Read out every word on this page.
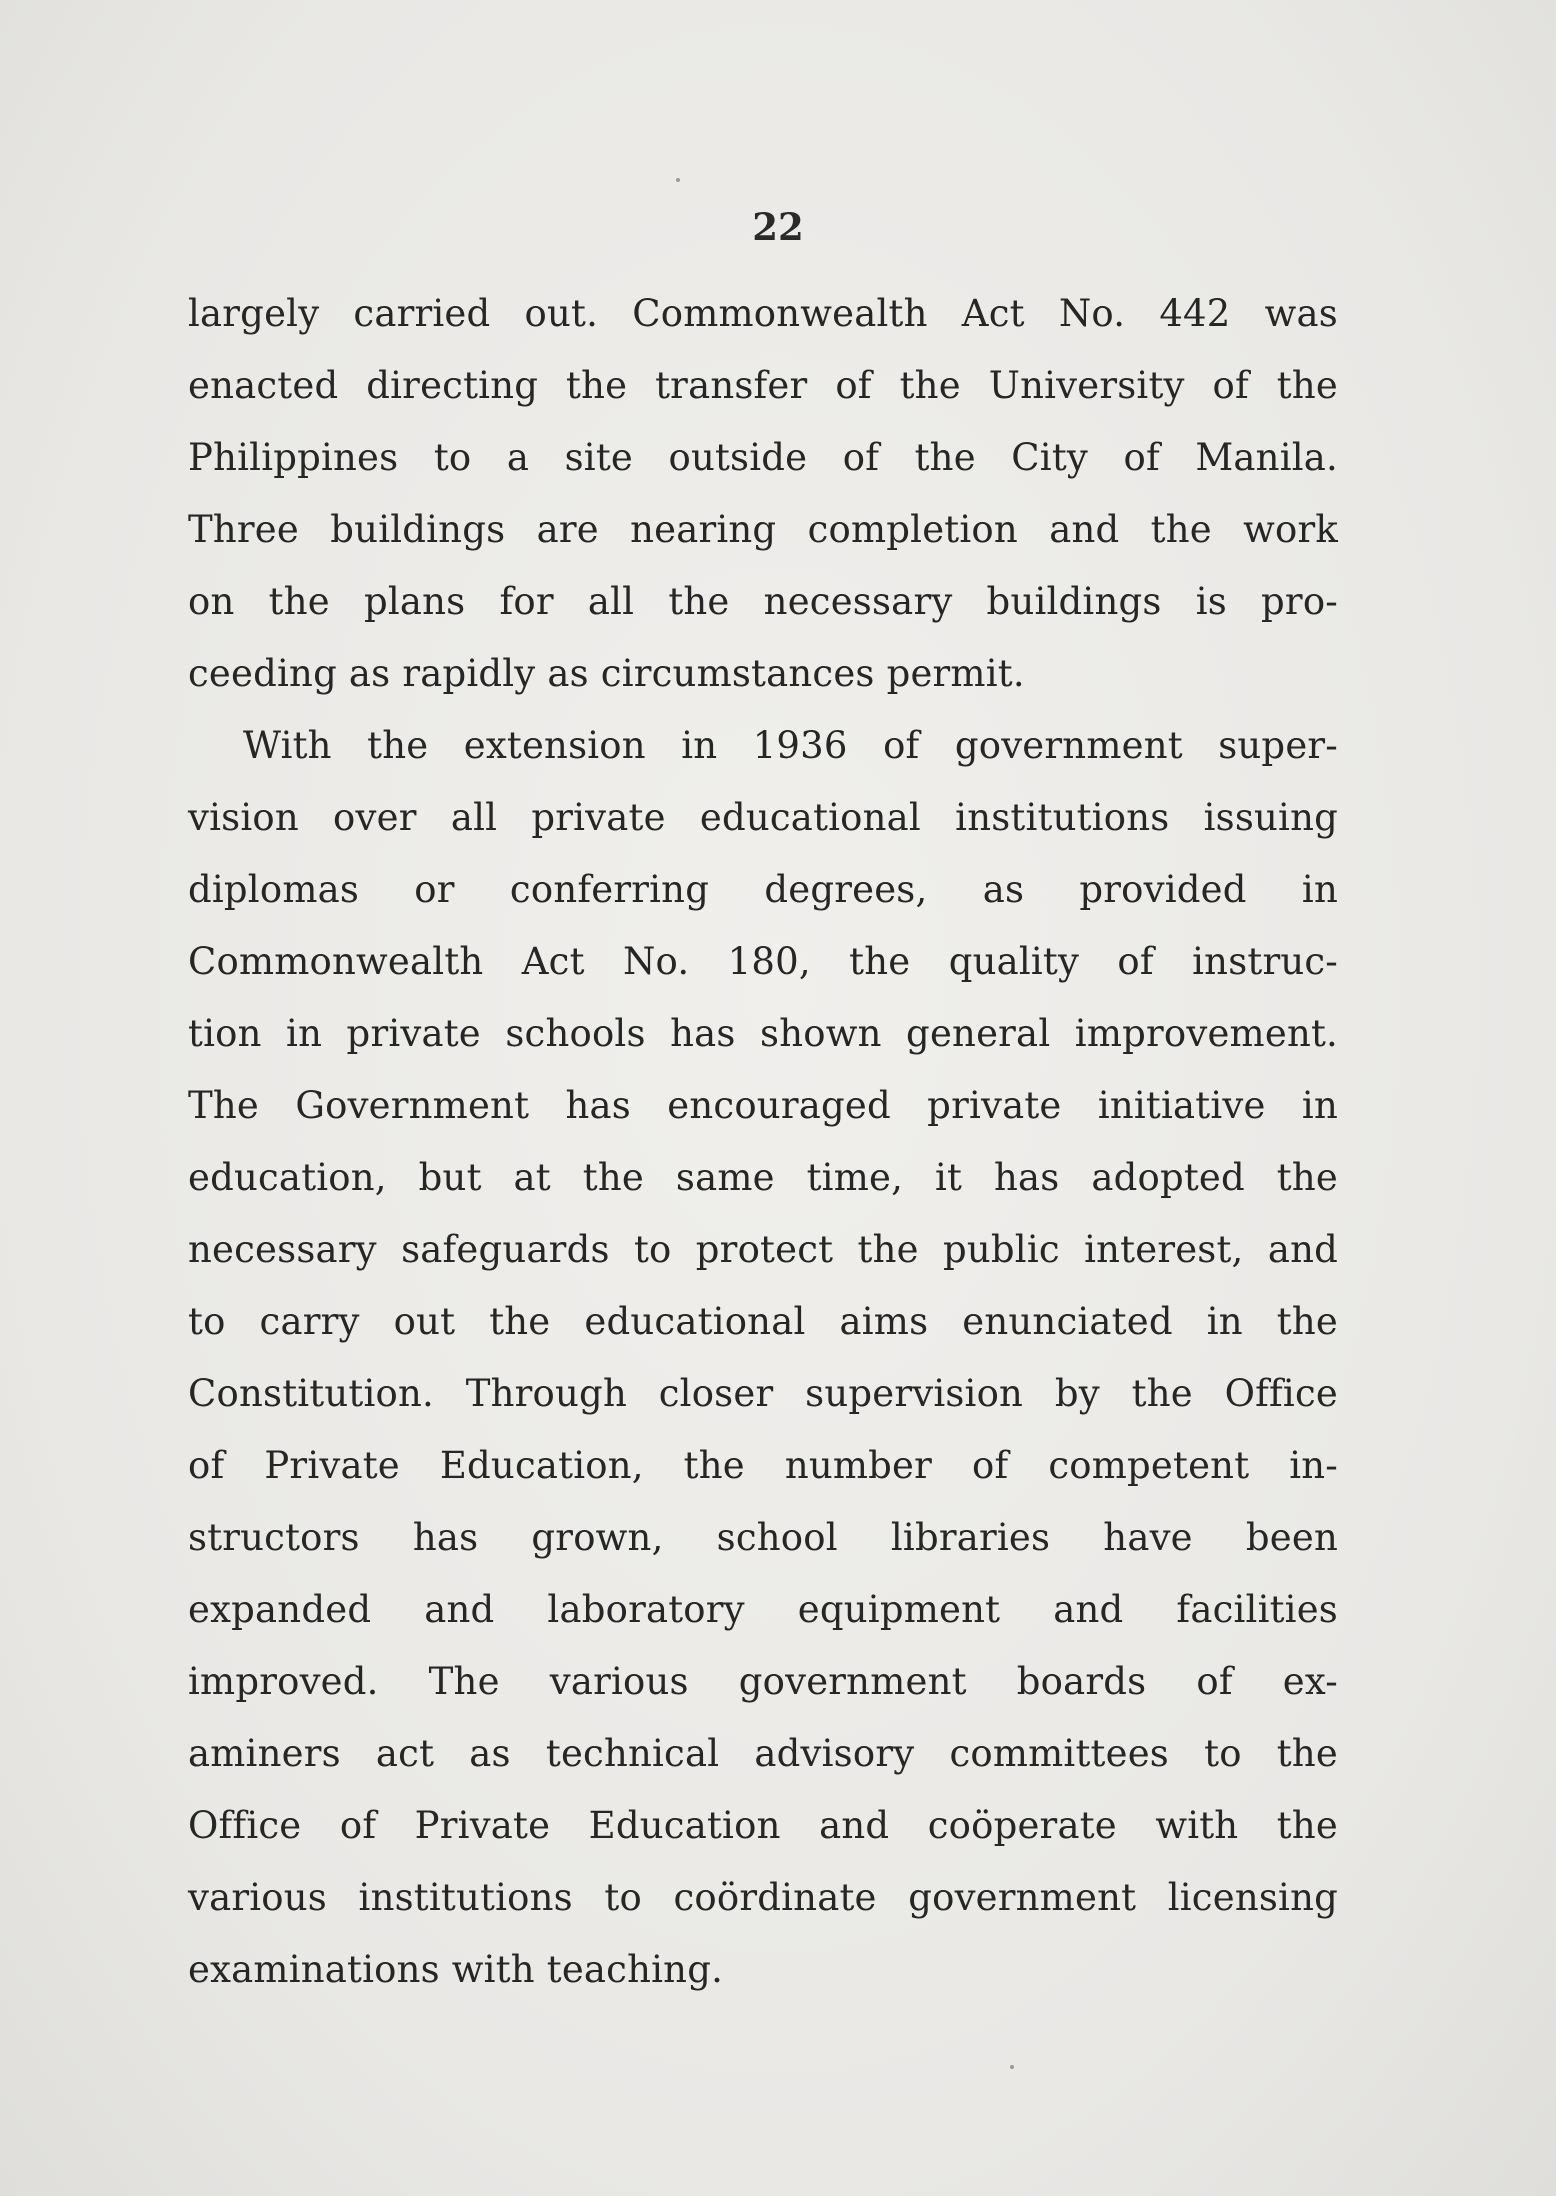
22
largely carried out. Commonwealth Act No. 442 was
enacted directing the transfer of the University of the
Philippines to a site outside of the City of Manila.
Three buildings are nearing completion and the work
on the plans for all the necessary buildings is pro-
ceeding as rapidly as circumstances permit.
With the extension in 1936 of government super-
vision over all private educational institutions issuing
diplomas or conferring degrees, as provided in
Commonwealth Act No. 180, the quality of instruc-
tion in private schools has shown general improvement.
The Government has encouraged private initiative in
education, but at the same time, it has adopted the
necessary safeguards to protect the public interest, and
to carry out the educational aims enunciated in the
Constitution. Through closer supervision by the Office
of Private Education, the number of competent in-
structors has grown, school libraries have been
expanded and laboratory equipment and facilities
improved. The various government boards of ex-
aminers act as technical advisory committees to the
Office of Private Education and coöperate with the
various institutions to coördinate government licensing
examinations with teaching.
